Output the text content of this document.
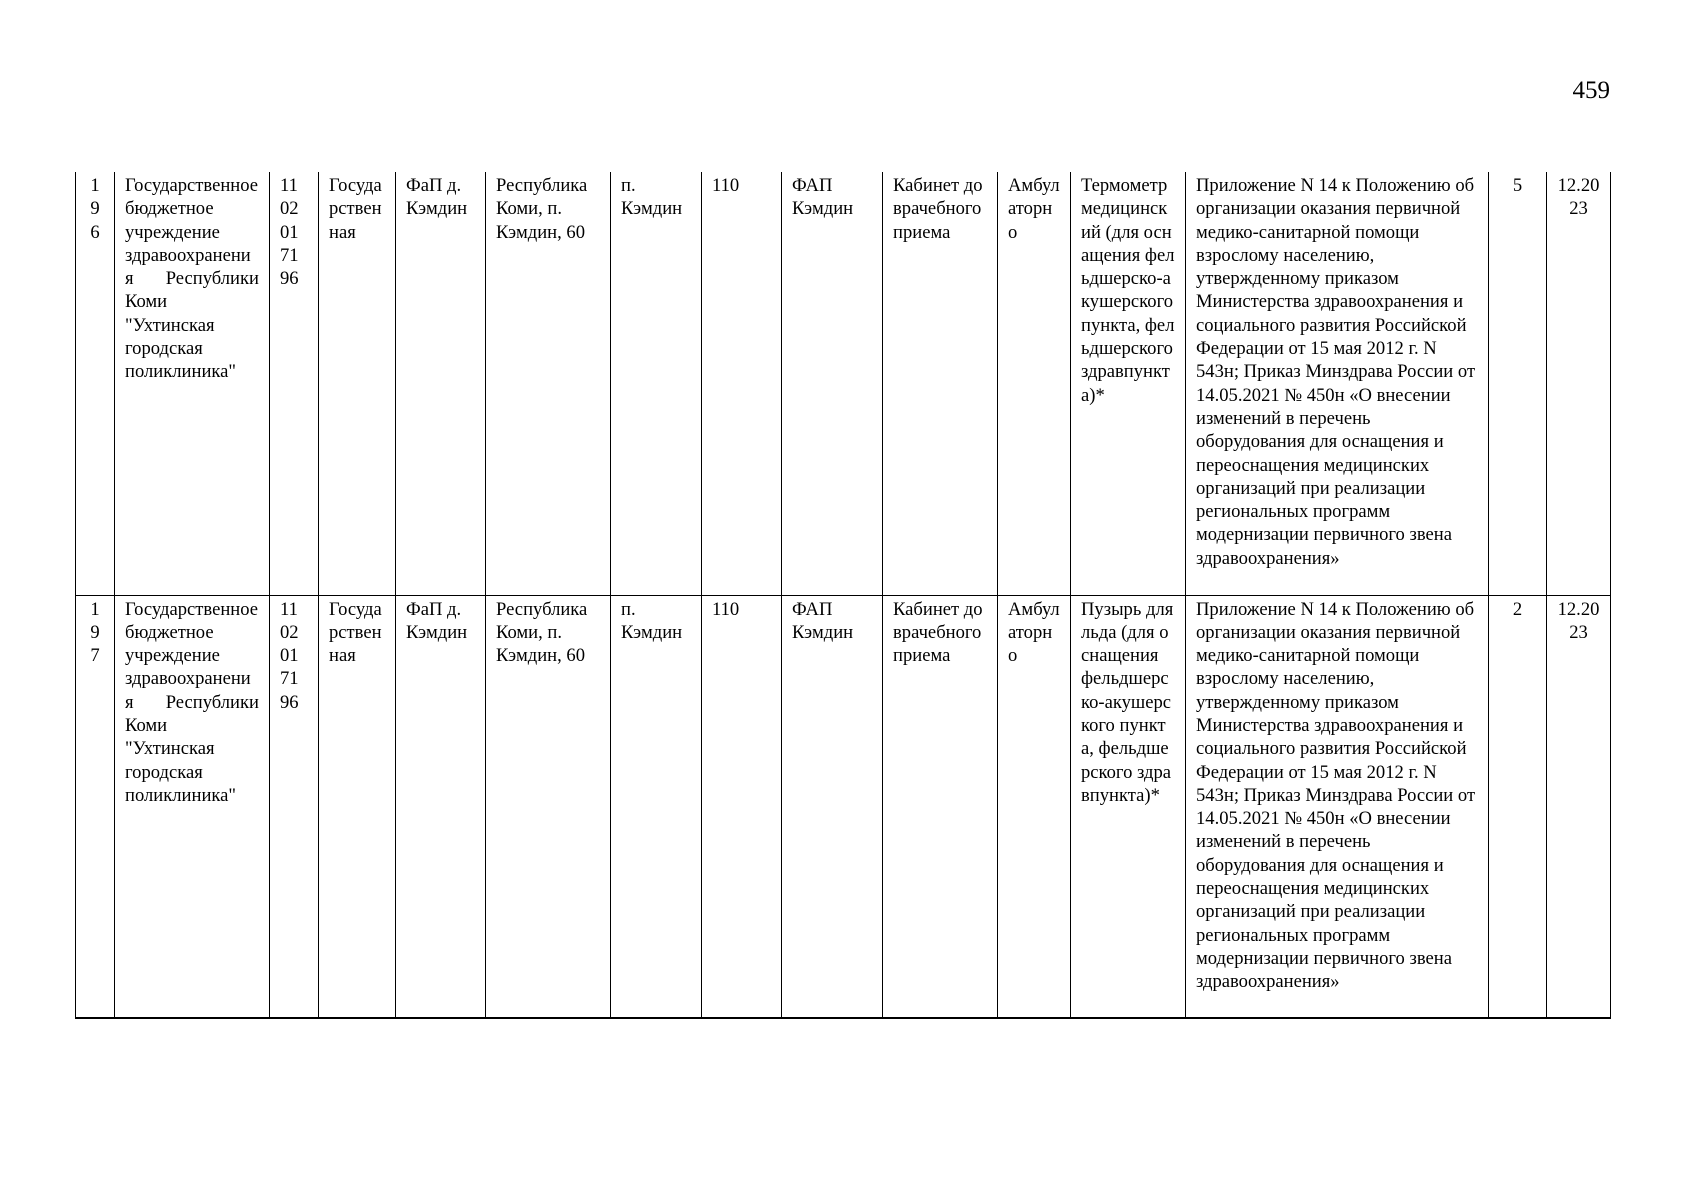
459
196	Государственное бюджетное учреждение здравоохранения Республики Коми "Ухтинская городская поликлиника"	1102017196	Государственная	ФаП д. Кэмдин	Республика Коми, п. Кэмдин, 60	п. Кэмдин	110	ФАП Кэмдин	Кабинет доврачебного приема	Амбулаторно	Термометр медицинский (для оснащения фельдшерско-акушерского пункта, фельдшерского здравпункта)*	Приложение N 14 к Положению об организации оказания первичной медико-санитарной помощи взрослому населению, утвержденному приказом Министерства здравоохранения и социального развития Российской Федерации от 15 мая 2012 г. N 543н; Приказ Минздрава России от 14.05.2021 № 450н «О внесении изменений в перечень оборудования для оснащения и переоснащения медицинских организаций при реализации региональных программ модернизации первичного звена здравоохранения»	5	12.2023

197	Государственное бюджетное учреждение здравоохранения Республики Коми "Ухтинская городская поликлиника"	1102017196	Государственная	ФаП д. Кэмдин	Республика Коми, п. Кэмдин, 60	п. Кэмдин	110	ФАП Кэмдин	Кабинет доврачебного приема	Амбулаторно	Пузырь для льда (для оснащения фельдшерско-акушерского пункта, фельдшерского здравпункта)*	Приложение N 14 к Положению об организации оказания первичной медико-санитарной помощи взрослому населению, утвержденному приказом Министерства здравоохранения и социального развития Российской Федерации от 15 мая 2012 г. N 543н; Приказ Минздрава России от 14.05.2021 № 450н «О внесении изменений в перечень оборудования для оснащения и переоснащения медицинских организаций при реализации региональных программ модернизации первичного звена здравоохранения»	2	12.2023
